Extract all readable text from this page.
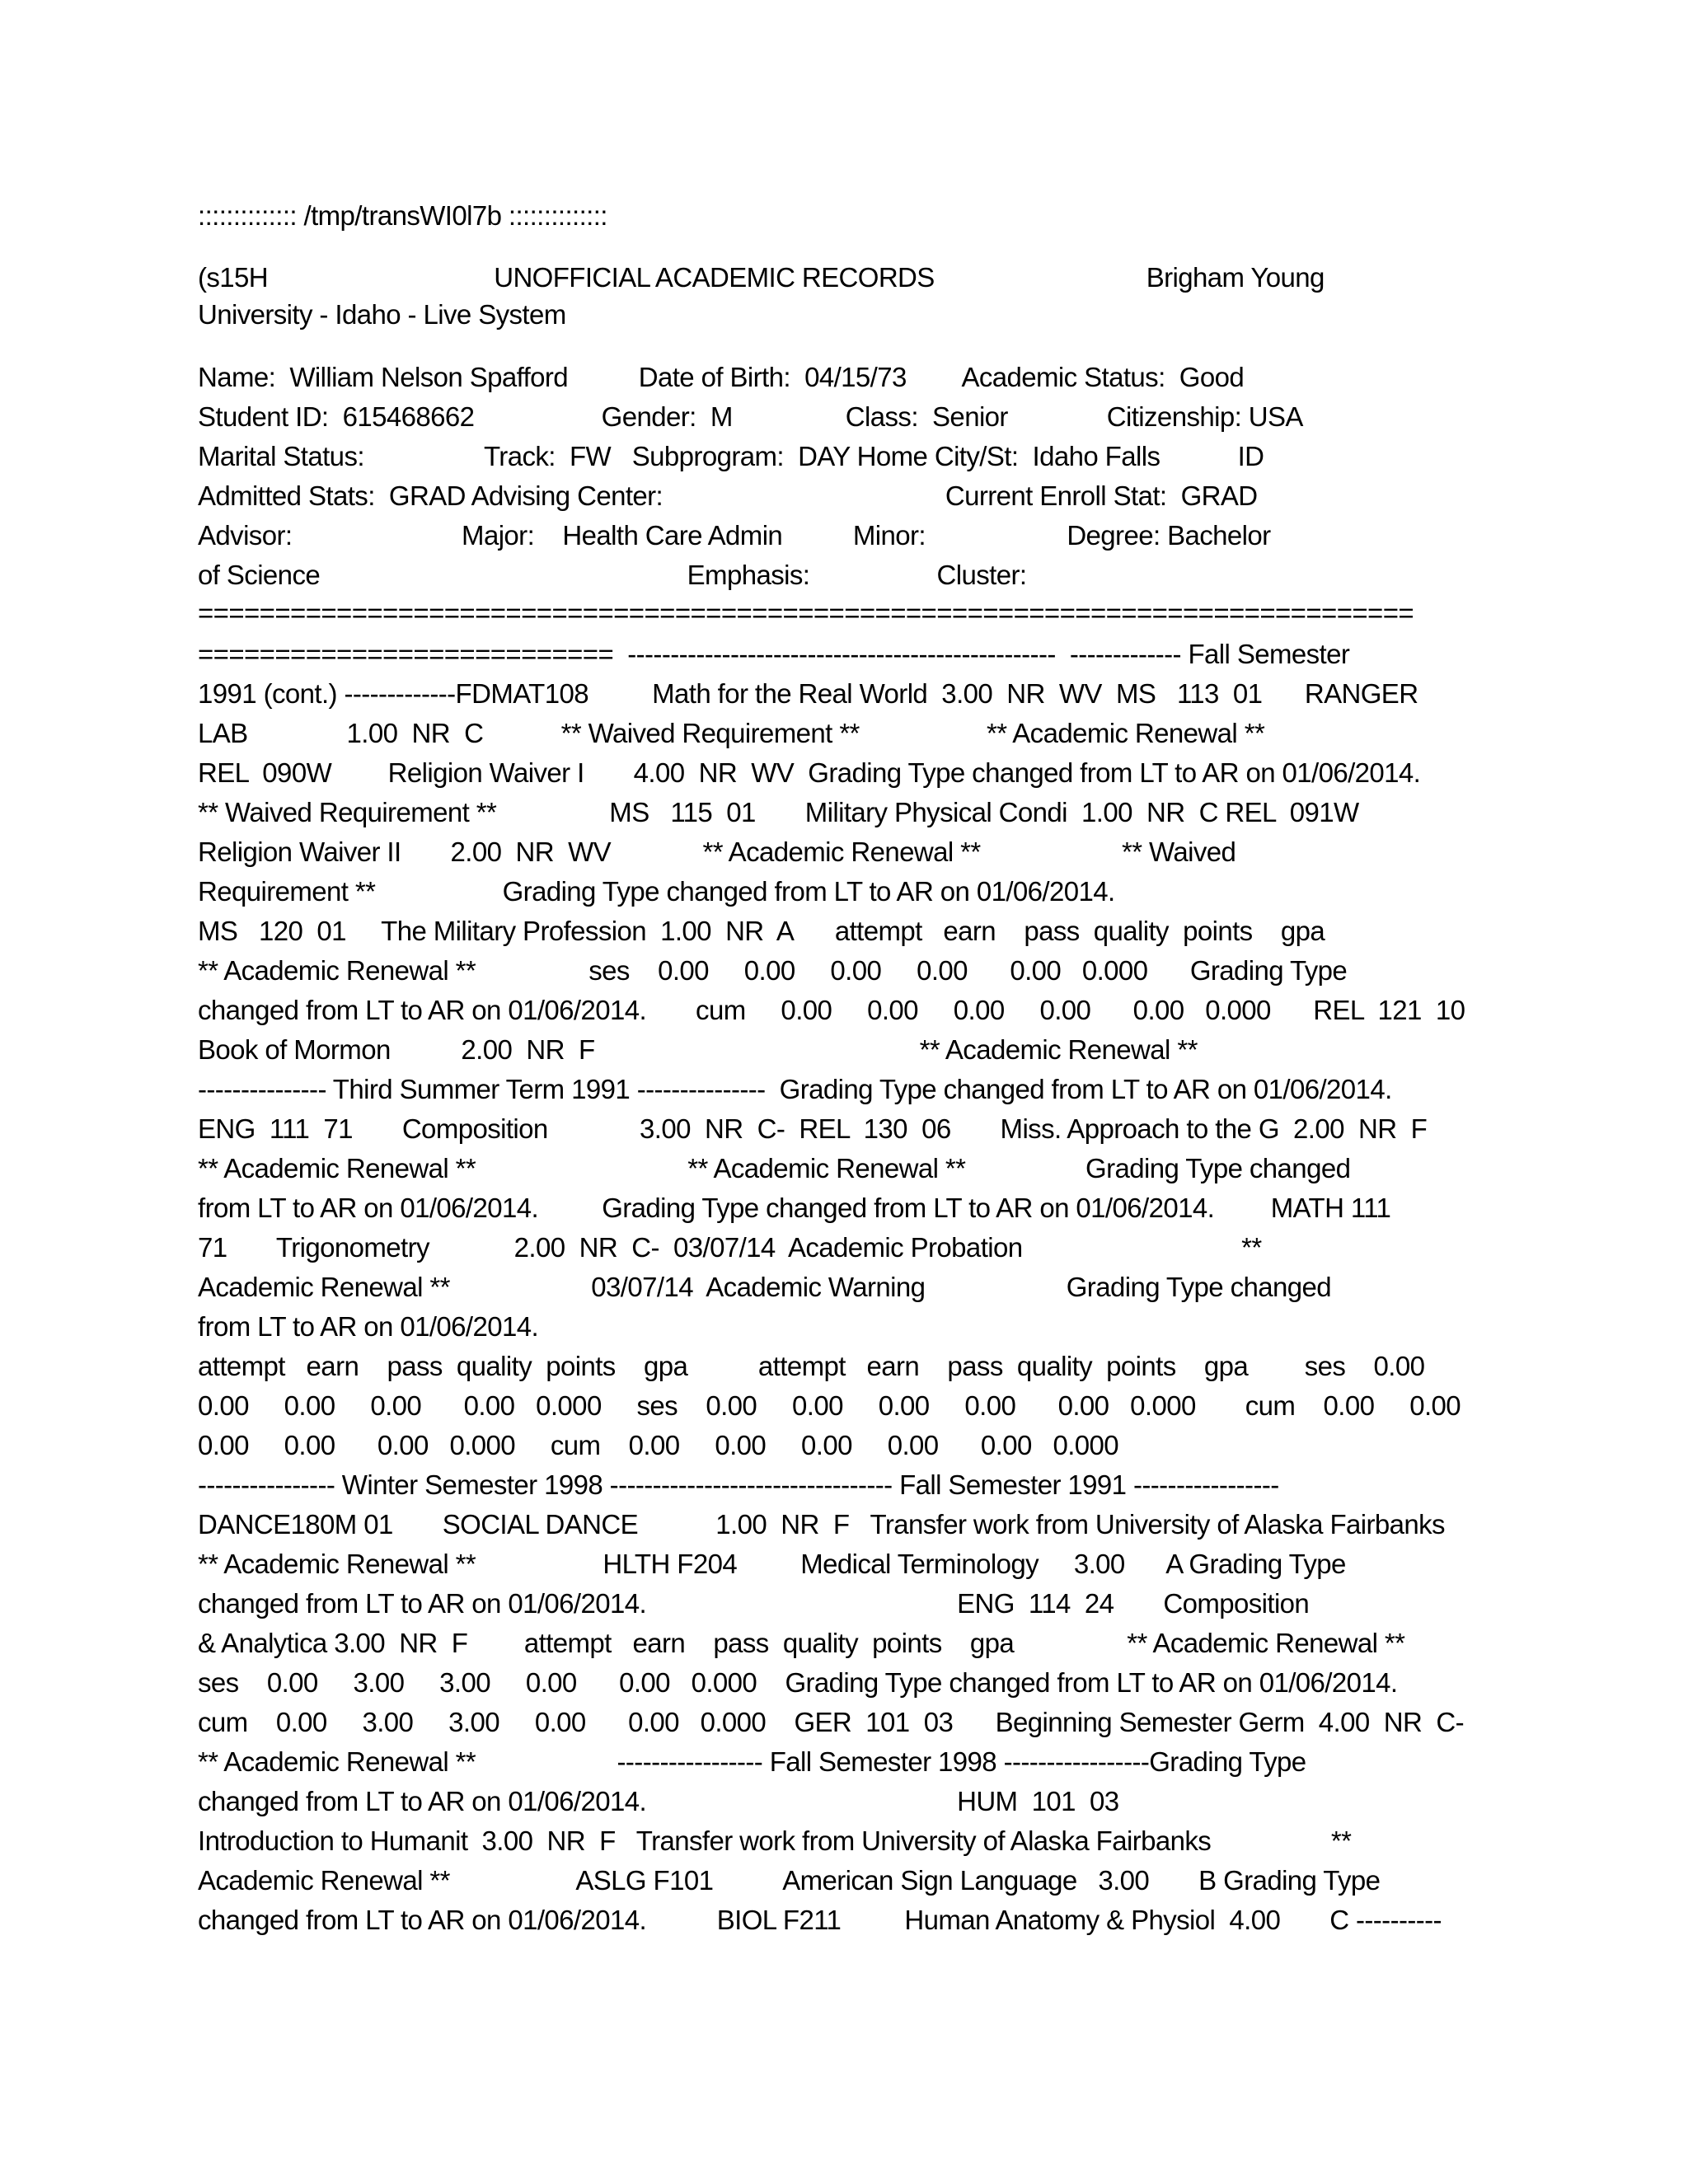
:::::::::::::: /tmp/transWI0l7b ::::::::::::::
(s15H                                UNOFFICIAL ACADEMIC RECORDS                              Brigham Young
University - Idaho - Live System
Name:  William Nelson Spafford          Date of Birth:  04/15/73        Academic Status:  Good
Student ID:  615468662                  Gender:  M                Class:  Senior              Citizenship: USA
Marital Status:                 Track:  FW   Subprogram:  DAY Home City/St:  Idaho Falls           ID
Admitted Stats:  GRAD Advising Center:                                        Current Enroll Stat:  GRAD
Advisor:                        Major:    Health Care Admin          Minor:                    Degree: Bachelor
of Science                                                    Emphasis:                  Cluster:
===============================================================================
===========================  --------------------------------------------------  ------------- Fall Semester
1991 (cont.) -------------FDMAT108         Math for the Real World  3.00  NR  WV  MS   113  01      RANGER
LAB              1.00  NR  C           ** Waived Requirement **                  ** Academic Renewal **
REL  090W        Religion Waiver I       4.00  NR  WV  Grading Type changed from LT to AR on 01/06/2014.
** Waived Requirement **                MS   115  01       Military Physical Condi  1.00  NR  C REL  091W
Religion Waiver II       2.00  NR  WV             ** Academic Renewal **                    ** Waived
Requirement **                  Grading Type changed from LT to AR on 01/06/2014.
MS   120  01     The Military Profession  1.00  NR  A      attempt   earn    pass  quality  points    gpa
** Academic Renewal **                ses    0.00     0.00     0.00     0.00      0.00   0.000      Grading Type
changed from LT to AR on 01/06/2014.       cum     0.00     0.00     0.00     0.00      0.00   0.000      REL  121  10
Book of Mormon          2.00  NR  F                                              ** Academic Renewal **
--------------- Third Summer Term 1991 ---------------  Grading Type changed from LT to AR on 01/06/2014.
ENG  111  71       Composition             3.00  NR  C-  REL  130  06       Miss. Approach to the G  2.00  NR  F
** Academic Renewal **                              ** Academic Renewal **                 Grading Type changed
from LT to AR on 01/06/2014.         Grading Type changed from LT to AR on 01/06/2014.        MATH 111
71       Trigonometry            2.00  NR  C-  03/07/14  Academic Probation                               **
Academic Renewal **                    03/07/14  Academic Warning                    Grading Type changed
from LT to AR on 01/06/2014.
attempt   earn    pass  quality  points    gpa          attempt   earn    pass  quality  points    gpa        ses    0.00
0.00     0.00     0.00      0.00   0.000     ses    0.00     0.00     0.00     0.00      0.00   0.000       cum    0.00     0.00
0.00     0.00      0.00   0.000     cum    0.00     0.00     0.00     0.00      0.00   0.000
---------------- Winter Semester 1998 --------------------------------- Fall Semester 1991 -----------------
DANCE180M 01       SOCIAL DANCE           1.00  NR  F   Transfer work from University of Alaska Fairbanks
** Academic Renewal **                  HLTH F204         Medical Terminology     3.00      A Grading Type
changed from LT to AR on 01/06/2014.                                            ENG  114  24       Composition
& Analytica 3.00  NR  F        attempt   earn    pass  quality  points    gpa                ** Academic Renewal **
ses    0.00     3.00     3.00     0.00      0.00   0.000    Grading Type changed from LT to AR on 01/06/2014.
cum    0.00     3.00     3.00     0.00      0.00   0.000    GER  101  03      Beginning Semester Germ  4.00  NR  C-
** Academic Renewal **                    ----------------- Fall Semester 1998 -----------------Grading Type
changed from LT to AR on 01/06/2014.                                            HUM  101  03
Introduction to Humanit  3.00  NR  F   Transfer work from University of Alaska Fairbanks                 **
Academic Renewal **                  ASLG F101          American Sign Language   3.00       B Grading Type
changed from LT to AR on 01/06/2014.          BIOL F211         Human Anatomy & Physiol  4.00       C ----------
